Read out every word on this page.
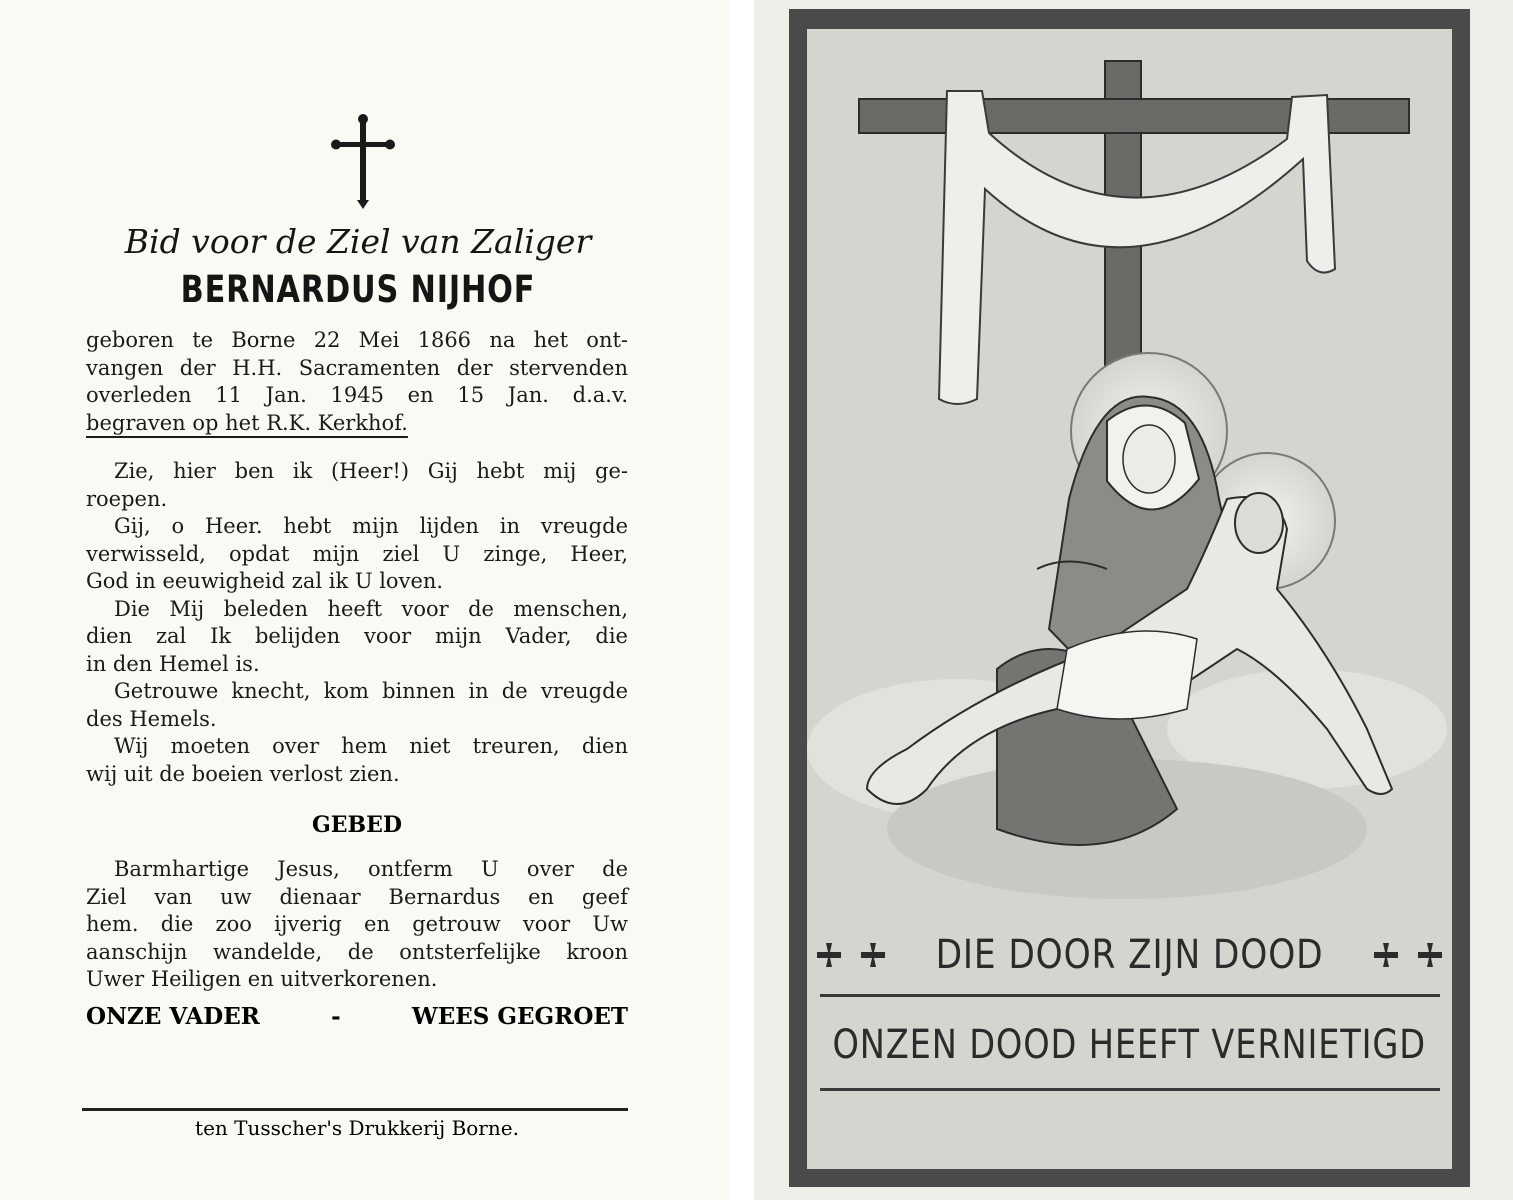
Bid voor de Ziel van Zaliger

BERNARDUS NIJHOF

geboren te Borne 22 Mei 1866 na het ont-
vangen der H.H. Sacramenten der stervenden
overleden 11 Jan. 1945 en 15 Jan. d.a.v.
begraven op het R.K. Kerkhof.

Zie, hier ben ik (Heer!) Gij hebt mij ge-
roepen.

Gij, o Heer. hebt mijn lijden in vreugde
verwisseld, opdat mijn ziel U zinge, Heer,
God in eeuwigheid zal ik U loven.

Die Mij beleden heeft voor de menschen,
dien zal Ik belijden voor mijn Vader, die
in den Hemel is.

Getrouwe knecht, kom binnen in de vreugde
des Hemels.

Wij moeten over hem niet treuren, dien
wij uit de boeien verlost zien.

GEBED

Barmhartige Jesus, ontferm U over de
Ziel van uw dienaar Bernardus en geef
hem. die zoo ijverig en getrouw voor Uw
aanschijn wandelde, de ontsterfelijke kroon
Uwer Heiligen en uitverkorenen.
ONZE VADER	-	WEES GEGROET

ten Tusscher's Drukkerij Borne.

DIE DOOR ZIJN DOOD
ONZEN DOOD HEEFT VERNIETIGD
